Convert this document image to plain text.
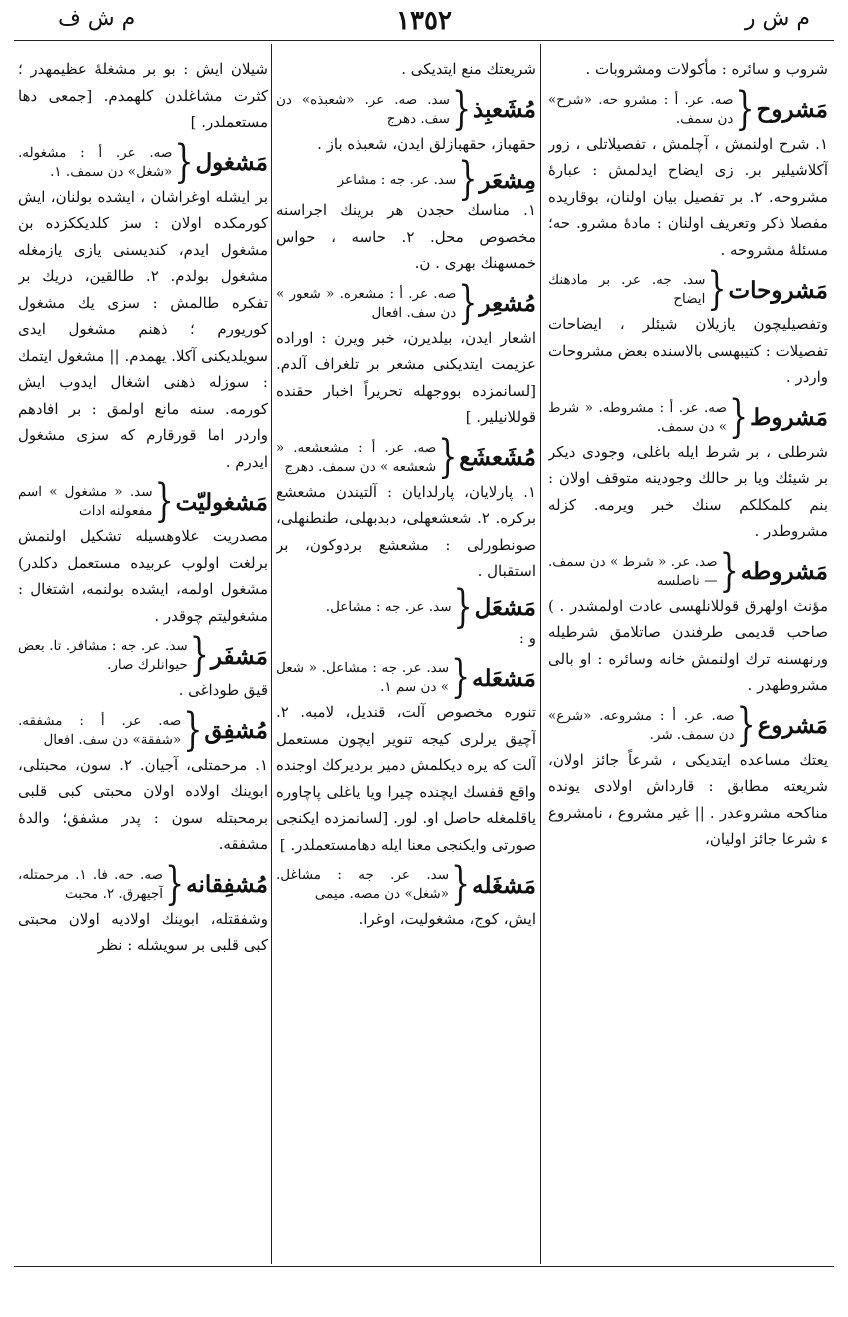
م ش ر
١٣٥٢
م ش ف
شروب و سائره : مأكولات ومشروبات .
مَشروح
{
صه. عر. أ : مشرو حه. «شرح» دن سمف.
١. شرح اولنمش ، آچلمش ، تفصيلاتلى ، زور آكلاشيلير بر. زى ايضاح ايدلمش : عبارهٔ مشروحه. ٢. بر تفصيل بيان اولنان، بوقاريده مفصلا ذكر وتعريف اولنان : مادهٔ مشرو. حه؛ مسئلهٔ مشروحه .
مَشروحات
{
سد. جه. عر. بر مادهنك ايضاح
وتفصيليچون يازيلان شيئلر ، ايضاحات تفصيلات : كتيبهسى بالاسنده بعض مشروحات واردر .
مَشروط
{
صه. عر. أ : مشروطه. « شرط » دن سمف.
شرطلى ، بر شرط ايله باغلى، وجودى ديكر بر شيئك ويا بر حالك وجودينه متوقف اولان : بنم كلمكلكم سنك خبر ويرمه. كزله مشروطدر .
مَشروطه
{
صد. عر. « شرط » دن سمف. — ناصلسه
مؤنث اولهرق قوللانلهسى عادت اولمشدر . ) صاحب قديمى طرفندن صاتلامق شرطيله ورنهسنه ترك اولنمش خانه وسائره : او بالى مشروطهدر .
مَشروع
{
صه. عر. أ : مشروعه. «شرع» دن سمف. شر.
يعتك مساعده ايتديكى ، شرعاً جائز اولان، شريعته مطابق : قارداش اولادى يونده مناكحه مشروعدر . || غير مشروع ، نامشروع ء شرعا جائز اوليان،
شريعتك منع ايتديكى .
مُشَعبِذ
{
سد. صه. عر. «شعبذه» دن سف. دهرج
حقهباز، حقهبازلق ايدن، شعبذه باز .
مِشعَر
{
سد. عر. جه : مشاعر
١. مناسك حجدن هر برينك اجراسنه مخصوص محل. ٢. حاسه ، حواس خمسهنك بهرى . ن.
مُشعِر
{
صه. عر. أ : مشعره. « شعور » دن سف. افعال
اشعار ايدن، بيلديرن، خبر ويرن : اوراده عزيمت ايتديكنى مشعر بر تلغراف آلدم. [لسانمزده بووجهله تحريراً اخبار حقنده قوللانيلير. ]
مُشَعشَع
{
صه. عر. أ : مشعشعه. « شعشعه » دن سمف. دهرج
١. پارلايان، پارلدايان : آلتيندن مشعشع بركره. ٢. شعشعهلى، دبدبهلى، طنطنهلى، صونطورلى : مشعشع بردوكون، بر استقبال .
مَشعَل
{
سد. عر. جه : مشاعل.
و :
مَشعَله
{
سد. عر. جه : مشاعل. « شعل » دن سم ١.
تنوره مخصوص آلت، قنديل، لامبه. ٢. آچيق يرلرى كيجه تنوير ايچون مستعمل آلت كه يره ديكلمش دمير برديركك اوجنده واقع قفسك ايچنده چيرا ويا ياغلى پاچاوره ياقلمغله حاصل او. لور. [لسانمزده ايكنجى صورتى وايكنجى معنا ايله دهامستعملدر. ]
مَشغَله
{
سد. عر. جه : مشاغل. «شغل» دن مصه. ميمى
ايش، كوج، مشغوليت، اوغرا.
شيلان ايش : بو بر مشغلهٔ عظيمهدر ؛ كثرت مشاغلدن كلهمدم. [جمعى دها مستعملدر. ]
مَشغول
{
صه. عر. أ : مشغوله. «شغل» دن سمف. ١.
بر ايشله اوغراشان ، ايشده بولنان، ايش كورمكده اولان : سز كلديككزده بن مشغول ايدم، كنديسنى يازى يازمغله مشغول بولدم. ٢. طالقين، دريك بر تفكره طالمش : سزى يك مشغول كوريورم ؛ ذهنم مشغول ايدى سويلديكنى آكلا. يهمدم. || مشغول ايتمك : سوزله ذهنى اشغال ايدوب ايش كورمه. سنه مانع اولمق : بر افادهم واردر اما قورقارم كه سزى مشغول ايدرم .
مَشغوليّت
{
سد. « مشغول » اسم مفعولنه ادات
مصدريت علاوهسيله تشكيل اولنمش برلغت اولوب عربيده مستعمل دكلدر) مشغول اولمه، ايشده بولنمه، اشتغال : مشغوليتم چوقدر .
مَشفَر
{
سد. عر. جه : مشافر. تا. بعض حيوانلرك صار.
قيق طوداغى .
مُشفِق
{
صه. عر. أ : مشفقه. «شفقة» دن سف. افعال
١. مرحمتلى، آجيان. ٢. سون، محبتلى، ابوينك اولاده اولان محبتى كبى قلبى برمحبتله سون : پدر مشفق؛ والدهٔ مشفقه.
مُشفِقانه
{
صه. حه. فا. ١. مرحمتله، آجيهرق. ٢. محبت
وشفقتله، ابوينك اولاديه اولان محبتى كبى قلبى بر سويشله : نظر
